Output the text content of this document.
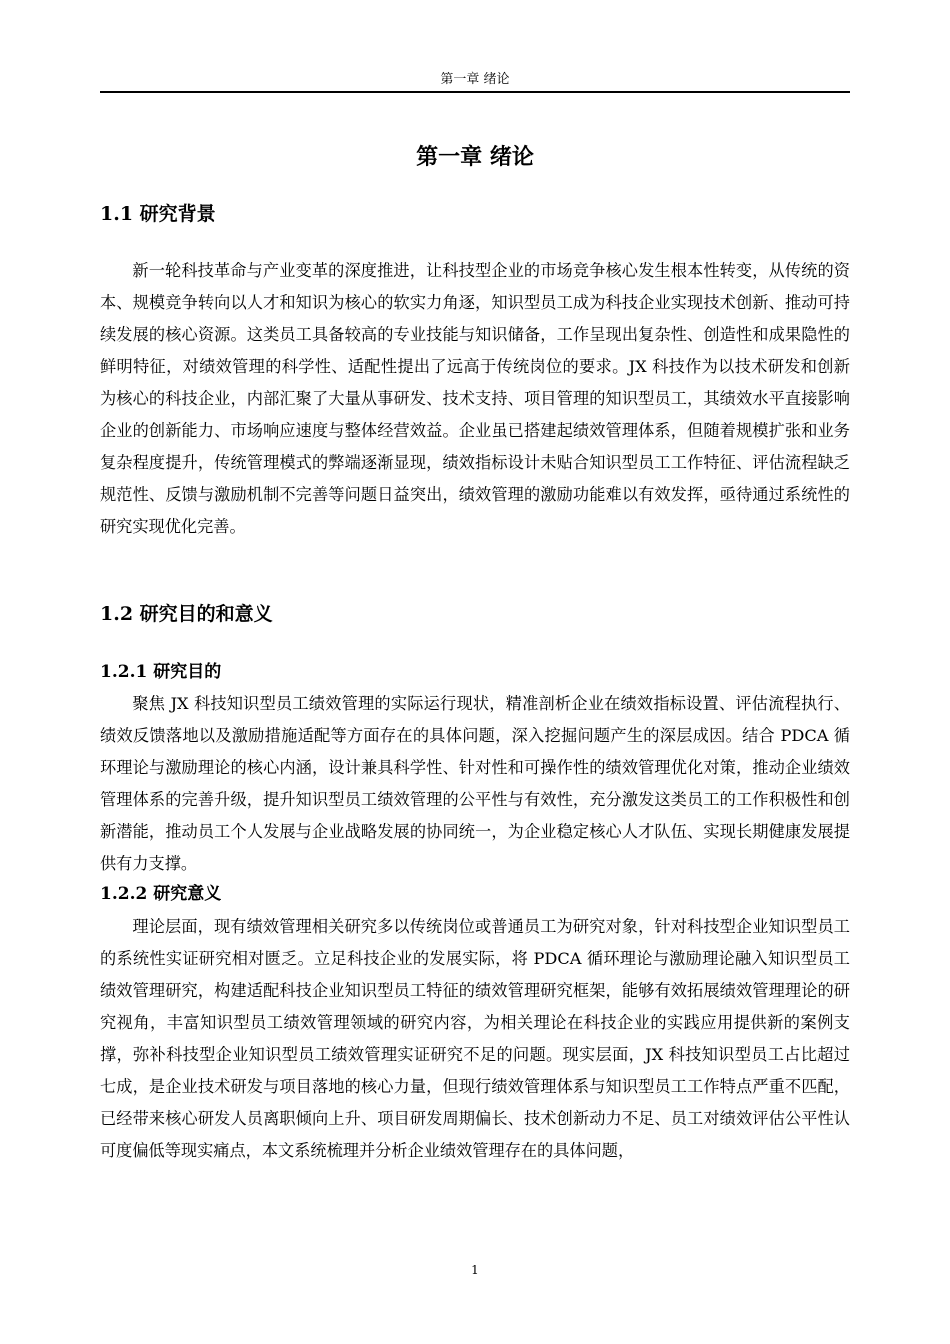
第一章 绪论
第一章 绪论
1.1 研究背景

新一轮科技革命与产业变革的深度推进，让科技型企业的市场竞争核心发生根本性转变，从传统的资本、规模竞争转向以人才和知识为核心的软实力角逐，知识型员工成为科技企业实现技术创新、推动可持续发展的核心资源。这类员工具备较高的专业技能与知识储备，工作呈现出复杂性、创造性和成果隐性的鲜明特征，对绩效管理的科学性、适配性提出了远高于传统岗位的要求。JX 科技作为以技术研发和创新为核心的科技企业，内部汇聚了大量从事研发、技术支持、项目管理的知识型员工，其绩效水平直接影响企业的创新能力、市场响应速度与整体经营效益。企业虽已搭建起绩效管理体系，但随着规模扩张和业务复杂程度提升，传统管理模式的弊端逐渐显现，绩效指标设计未贴合知识型员工工作特征、评估流程缺乏规范性、反馈与激励机制不完善等问题日益突出，绩效管理的激励功能难以有效发挥，亟待通过系统性的研究实现优化完善。

1.2 研究目的和意义
1.2.1 研究目的

聚焦 JX 科技知识型员工绩效管理的实际运行现状，精准剖析企业在绩效指标设置、评估流程执行、绩效反馈落地以及激励措施适配等方面存在的具体问题，深入挖掘问题产生的深层成因。结合 PDCA 循环理论与激励理论的核心内涵，设计兼具科学性、针对性和可操作性的绩效管理优化对策，推动企业绩效管理体系的完善升级，提升知识型员工绩效管理的公平性与有效性，充分激发这类员工的工作积极性和创新潜能，推动员工个人发展与企业战略发展的协同统一，为企业稳定核心人才队伍、实现长期健康发展提供有力支撑。

1.2.2 研究意义

理论层面，现有绩效管理相关研究多以传统岗位或普通员工为研究对象，针对科技型企业知识型员工的系统性实证研究相对匮乏。立足科技企业的发展实际，将 PDCA 循环理论与激励理论融入知识型员工绩效管理研究，构建适配科技企业知识型员工特征的绩效管理研究框架，能够有效拓展绩效管理理论的研究视角，丰富知识型员工绩效管理领域的研究内容，为相关理论在科技企业的实践应用提供新的案例支撑，弥补科技型企业知识型员工绩效管理实证研究不足的问题。现实层面，JX 科技知识型员工占比超过七成，是企业技术研发与项目落地的核心力量，但现行绩效管理体系与知识型员工工作特点严重不匹配，已经带来核心研发人员离职倾向上升、项目研发周期偏长、技术创新动力不足、员工对绩效评估公平性认可度偏低等现实痛点，本文系统梳理并分析企业绩效管理存在的具体问题，

1
